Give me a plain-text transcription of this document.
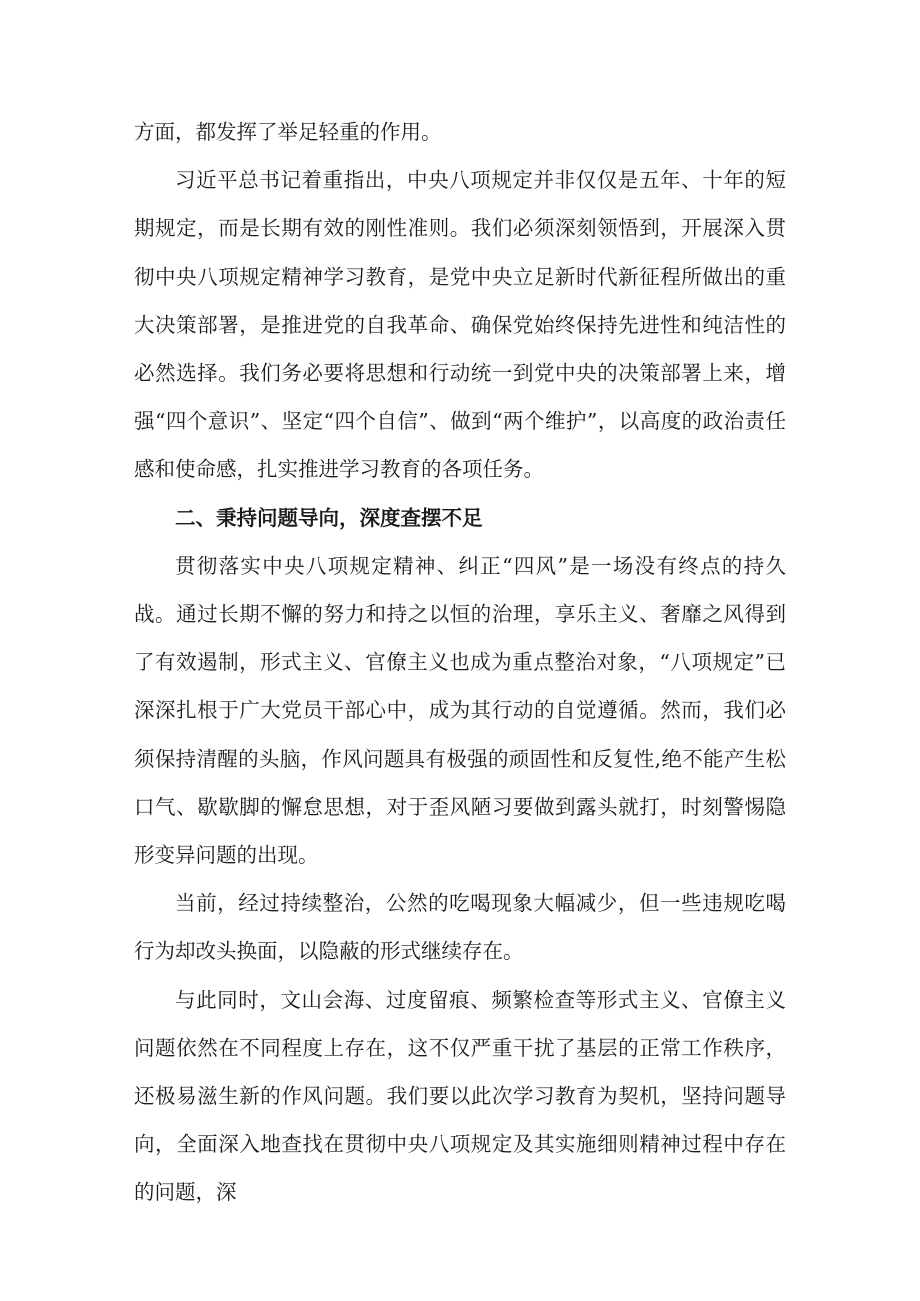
方面，都发挥了举足轻重的作用。

习近平总书记着重指出，中央八项规定并非仅仅是五年、十年的短期规定，而是长期有效的刚性准则。我们必须深刻领悟到，开展深入贯彻中央八项规定精神学习教育，是党中央立足新时代新征程所做出的重大决策部署，是推进党的自我革命、确保党始终保持先进性和纯洁性的必然选择。我们务必要将思想和行动统一到党中央的决策部署上来，增强“四个意识”、坚定“四个自信”、做到“两个维护”，以高度的政治责任感和使命感，扎实推进学习教育的各项任务。

二、秉持问题导向，深度查摆不足

贯彻落实中央八项规定精神、纠正“四风”是一场没有终点的持久战。通过长期不懈的努力和持之以恒的治理，享乐主义、奢靡之风得到了有效遏制，形式主义、官僚主义也成为重点整治对象，“八项规定”已深深扎根于广大党员干部心中，成为其行动的自觉遵循。然而，我们必须保持清醒的头脑，作风问题具有极强的顽固性和反复性,绝不能产生松口气、歇歇脚的懈怠思想，对于歪风陋习要做到露头就打，时刻警惕隐形变异问题的出现。

当前，经过持续整治，公然的吃喝现象大幅减少，但一些违规吃喝行为却改头换面，以隐蔽的形式继续存在。

与此同时，文山会海、过度留痕、频繁检查等形式主义、官僚主义问题依然在不同程度上存在，这不仅严重干扰了基层的正常工作秩序，还极易滋生新的作风问题。我们要以此次学习教育为契机，坚持问题导向，全面深入地查找在贯彻中央八项规定及其实施细则精神过程中存在的问题，深
